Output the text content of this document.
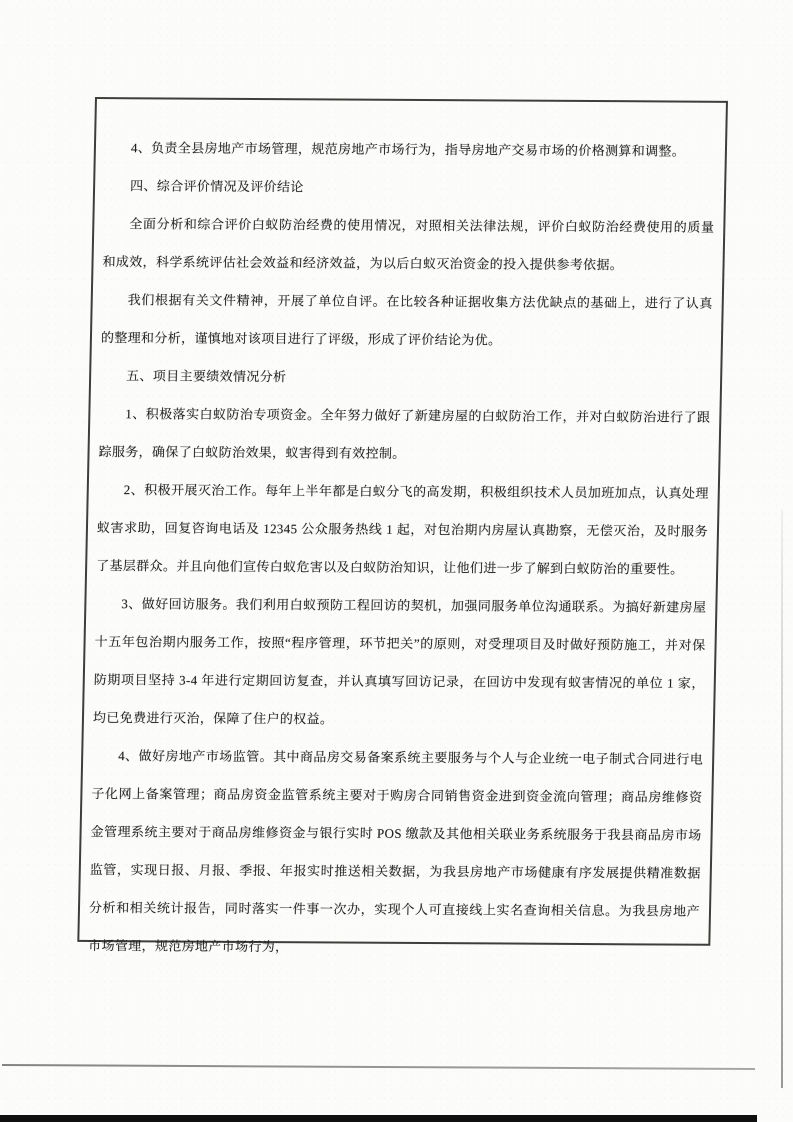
4、负责全县房地产市场管理，规范房地产市场行为，指导房地产交易市场的价格测算和调整。

四、综合评价情况及评价结论

全面分析和综合评价白蚁防治经费的使用情况，对照相关法律法规，评价白蚁防治经费使用的质量和成效，科学系统评估社会效益和经济效益，为以后白蚁灭治资金的投入提供参考依据。

我们根据有关文件精神，开展了单位自评。在比较各种证据收集方法优缺点的基础上，进行了认真的整理和分析，谨慎地对该项目进行了评级，形成了评价结论为优。

五、项目主要绩效情况分析

1、积极落实白蚁防治专项资金。全年努力做好了新建房屋的白蚁防治工作，并对白蚁防治进行了跟踪服务，确保了白蚁防治效果，蚁害得到有效控制。

2、积极开展灭治工作。每年上半年都是白蚁分飞的高发期，积极组织技术人员加班加点，认真处理蚁害求助，回复咨询电话及 12345 公众服务热线 1 起，对包治期内房屋认真勘察，无偿灭治，及时服务了基层群众。并且向他们宣传白蚁危害以及白蚁防治知识，让他们进一步了解到白蚁防治的重要性。

3、做好回访服务。我们利用白蚁预防工程回访的契机，加强同服务单位沟通联系。为搞好新建房屋十五年包治期内服务工作，按照“程序管理，环节把关”的原则，对受理项目及时做好预防施工，并对保防期项目坚持 3-4 年进行定期回访复查，并认真填写回访记录，在回访中发现有蚁害情况的单位 1 家，均已免费进行灭治，保障了住户的权益。

4、做好房地产市场监管。其中商品房交易备案系统主要服务与个人与企业统一电子制式合同进行电子化网上备案管理；商品房资金监管系统主要对于购房合同销售资金进到资金流向管理；商品房维修资金管理系统主要对于商品房维修资金与银行实时 POS 缴款及其他相关联业务系统服务于我县商品房市场监管，实现日报、月报、季报、年报实时推送相关数据，为我县房地产市场健康有序发展提供精准数据分析和相关统计报告，同时落实一件事一次办，实现个人可直接线上实名查询相关信息。为我县房地产市场管理，规范房地产市场行为，
